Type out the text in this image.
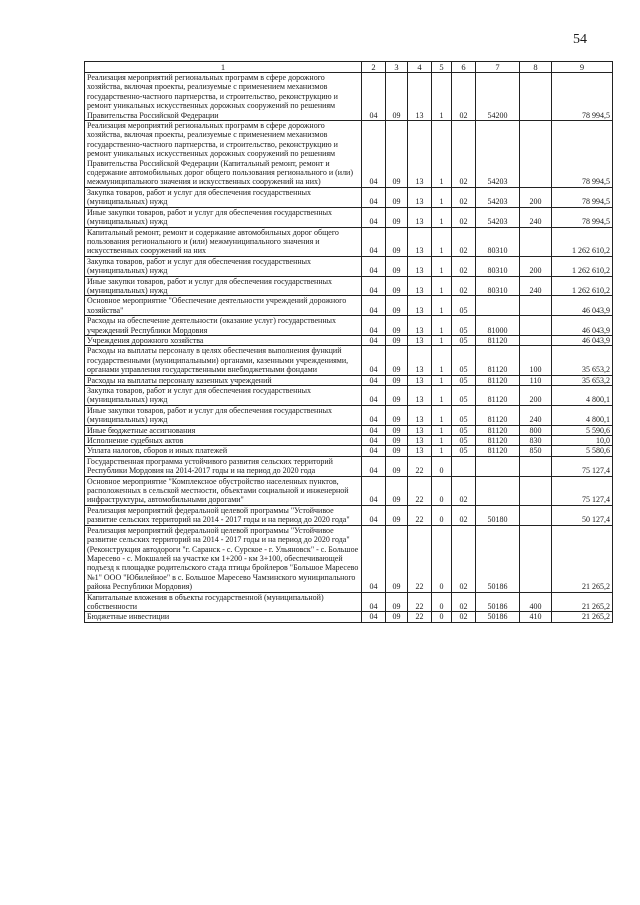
54
1	2	3	4	5	6	7	8	9
Реализация мероприятий региональных программ в сфере дорожного хозяйства, включая проекты, реализуемые с применением механизмов государственно-частного партнерства, и строительство, реконструкцию и ремонт уникальных искусственных дорожных сооружений по решениям Правительства Российской Федерации	04	09	13	1	02	54200		78 994,5
Реализация мероприятий региональных программ в сфере дорожного хозяйства, включая проекты, реализуемые с применением механизмов государственно-частного партнерства, и строительство, реконструкцию и ремонт уникальных искусственных дорожных сооружений по решениям Правительства Российской Федерации (Капитальный ремонт, ремонт и содержание автомобильных дорог общего пользования регионального и (или) межмуниципального значения и искусственных сооружений на них)	04	09	13	1	02	54203		78 994,5
Закупка товаров, работ и услуг для обеспечения государственных (муниципальных) нужд	04	09	13	1	02	54203	200	78 994,5
Иные закупки товаров, работ и услуг для обеспечения государственных (муниципальных) нужд	04	09	13	1	02	54203	240	78 994,5
Капитальный ремонт, ремонт и содержание автомобильных дорог общего пользования регионального и (или) межмуниципального значения и искусственных сооружений на них	04	09	13	1	02	80310		1 262 610,2
Закупка товаров, работ и услуг для обеспечения государственных (муниципальных) нужд	04	09	13	1	02	80310	200	1 262 610,2
Иные закупки товаров, работ и услуг для обеспечения государственных (муниципальных) нужд	04	09	13	1	02	80310	240	1 262 610,2
Основное мероприятие "Обеспечение деятельности учреждений дорожного хозяйства"	04	09	13	1	05			46 043,9
Расходы на обеспечение деятельности (оказание услуг) государственных учреждений Республики Мордовия	04	09	13	1	05	81000		46 043,9
Учреждения дорожного хозяйства	04	09	13	1	05	81120		46 043,9
Расходы на выплаты персоналу в целях обеспечения выполнения функций государственными (муниципальными) органами, казенными учреждениями, органами управления государственными внебюджетными фондами	04	09	13	1	05	81120	100	35 653,2
Расходы на выплаты персоналу казенных учреждений	04	09	13	1	05	81120	110	35 653,2
Закупка товаров, работ и услуг для обеспечения государственных (муниципальных) нужд	04	09	13	1	05	81120	200	4 800,1
Иные закупки товаров, работ и услуг для обеспечения государственных (муниципальных) нужд	04	09	13	1	05	81120	240	4 800,1
Иные бюджетные ассигнования	04	09	13	1	05	81120	800	5 590,6
Исполнение судебных актов	04	09	13	1	05	81120	830	10,0
Уплата налогов, сборов и иных платежей	04	09	13	1	05	81120	850	5 580,6
Государственная программа устойчивого развития сельских территорий Республики Мордовия на 2014-2017 годы и на период до 2020 года	04	09	22	0				75 127,4
Основное мероприятие "Комплексное обустройство населенных пунктов, расположенных в сельской местности, объектами социальной и инженерной инфраструктуры, автомобильными дорогами"	04	09	22	0	02			75 127,4
Реализация мероприятий федеральной целевой программы "Устойчивое развитие сельских территорий на 2014 - 2017 годы и на период до 2020 года"	04	09	22	0	02	50180		50 127,4
Реализация мероприятий федеральной целевой программы "Устойчивое развитие сельских территорий на 2014 - 2017 годы и на период до 2020 года" (Реконструкция автодороги "г. Саранск - с. Сурское - г. Ульяновск" - с. Большое Маресево - с. Мокшалей на участке км 1+200 - км 3+100, обеспечивающей подъезд к площадке родительского стада птицы бройлеров "Большое Маресево №1" ООО "Юбилейное" в с. Большое Маресево Чамзинского муниципального района Республики Мордовия)	04	09	22	0	02	50186		21 265,2
Капитальные вложения в объекты государственной (муниципальной) собственности	04	09	22	0	02	50186	400	21 265,2
Бюджетные инвестиции	04	09	22	0	02	50186	410	21 265,2
